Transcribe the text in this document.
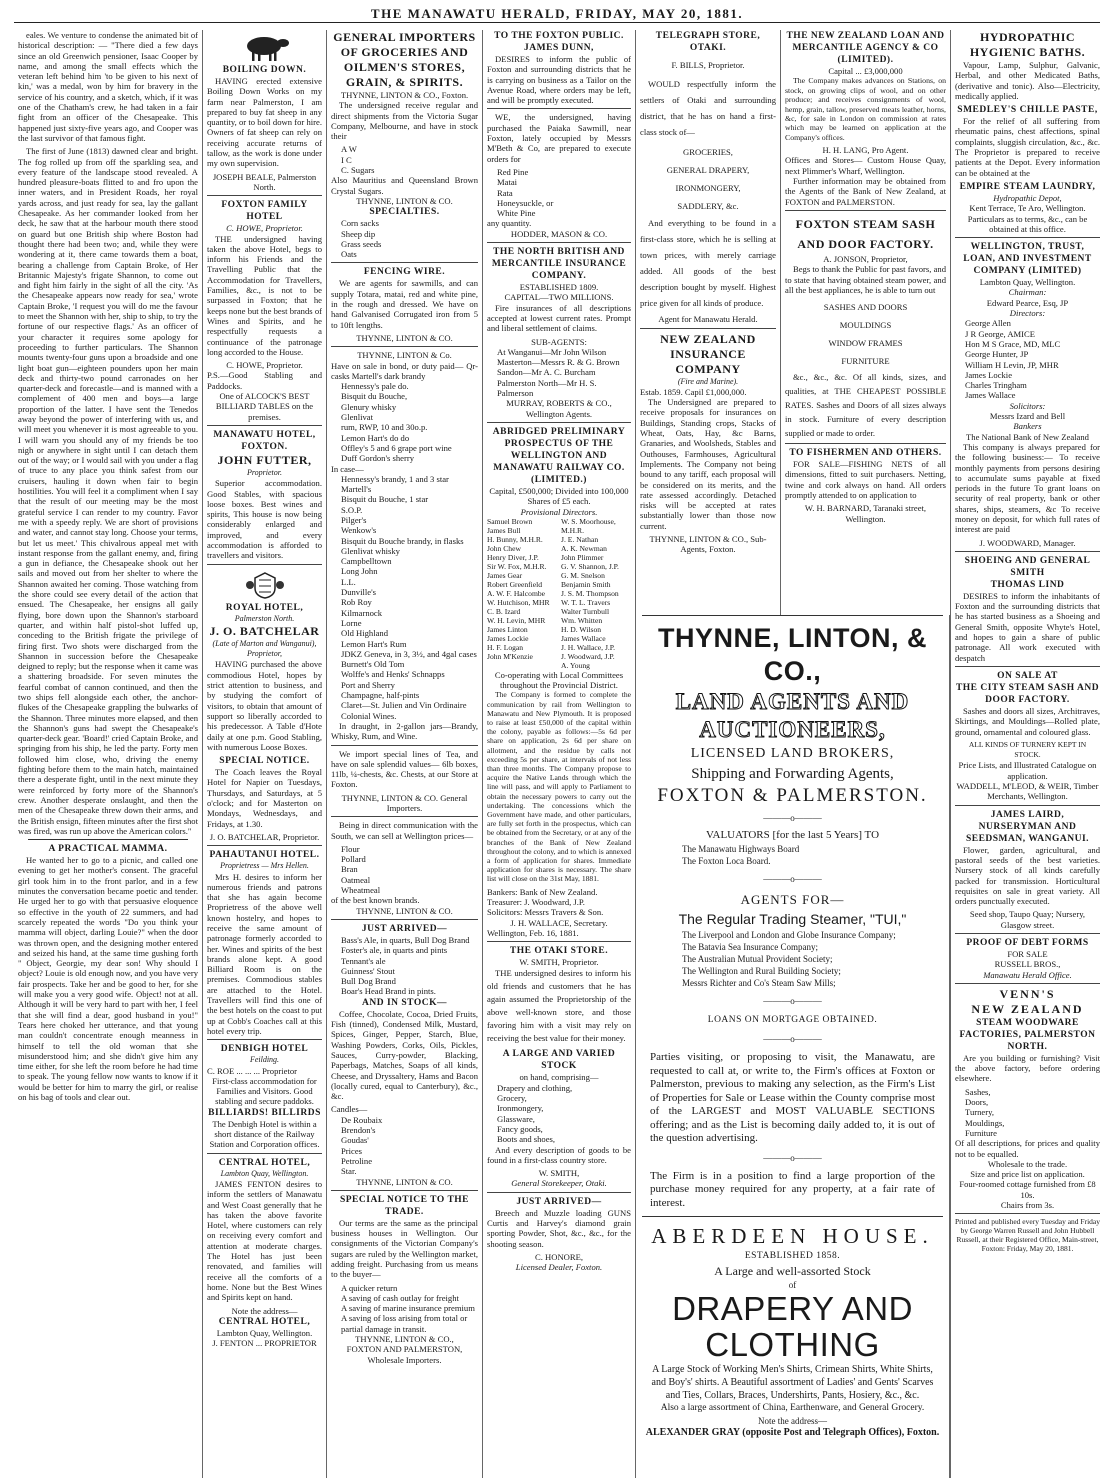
THE MANAWATU HERALD, FRIDAY, MAY 20, 1881.

eales. We venture to condense the animated bit of historical description: — "There died a few days since an old Greenwich pensioner, Isaac Cooper by name, and among the small effects which the veteran left behind him 'to be given to his next of kin,' was a medal, won by him for bravery in the service of his country, and a sketch, which, if it was one of the Chatham's crew, he had taken in a fair fight from an officer of the Chesapeake. This happened just sixty-five years ago, and Cooper was the last survivor of that famous fight.

The first of June (1813) dawned clear and bright. The fog rolled up from off the sparkling sea, and every feature of the landscape stood revealed. A hundred pleasure-boats flitted to and fro upon the inner waters, and in President Roads, her royal yards across, and just ready for sea, lay the gallant Chesapeake. As her commander looked from her deck, he saw that at the harbour mouth there stood on guard but one British ship where Boston had thought there had been two; and, while they were wondering at it, there came towards them a boat, bearing a challenge from Captain Broke, of Her Britannic Majesty's frigate Shannon, to come out and fight him fairly in the sight of all the city. 'As the Chesapeake appears now ready for sea,' wrote Captain Broke, 'I request you will do me the favour to meet the Shannon with her, ship to ship, to try the fortune of our respective flags.' As an officer of your character it requires some apology for proceeding to further particulars. The Shannon mounts twenty-four guns upon a broadside and one light boat gun—eighteen pounders upon her main deck and thirty-two pound carronades on her quarter-deck and forecastle—and is manned with a complement of 400 men and boys—a large proportion of the latter. I have sent the Tenedos away beyond the power of interfering with us, and will meet you whenever it is most agreeable to you. I will warn you should any of my friends be too nigh or anywhere in sight until I can detach them out of the way; or I would sail with you under a flag of truce to any place you think safest from our cruisers, hauling it down when fair to begin hostilities. You will feel it a compliment when I say that the result of our meeting may be the most grateful service I can render to my country. Favor me with a speedy reply. We are short of provisions and water, and cannot stay long. Choose your terms, but let us meet.' This chivalrous appeal met with instant response from the gallant enemy, and, firing a gun in defiance, the Chesapeake shook out her sails and moved out from her shelter to where the Shannon awaited her coming. Those watching from the shore could see every detail of the action that ensued. The Chesapeake, her ensigns all gaily flying, bore down upon the Shannon's starboard quarter, and within half pistol-shot luffed up, conceding to the British frigate the privilege of firing first. Two shots were discharged from the Shannon in succession before the Chesapeake deigned to reply; but the response when it came was a shattering broadside. For seven minutes the fearful combat of cannon continued, and then the two ships fell alongside each other, the anchor-flukes of the Chesapeake grappling the bulwarks of the Shannon. Three minutes more elapsed, and then the Shannon's guns had swept the Chesapeake's quarter-deck gear. 'Board!' cried Captain Broke, and springing from his ship, he led the party. Forty men followed him close, who, driving the enemy fighting before them to the main hatch, maintained there a desperate fight, until in the next minute they were reinforced by forty more of the Shannon's crew. Another desperate onslaught, and then the men of the Chesapeake threw down their arms, and the British ensign, fifteen minutes after the first shot was fired, was run up above the American colors."

A PRACTICAL MAMMA.

He wanted her to go to a picnic, and called one evening to get her mother's consent. The graceful girl took him in to the front parlor, and in a few minutes the conversation became poetic and tender. He urged her to go with that persuasive eloquence so effective in the youth of 22 summers, and had scarcely repeated the words "Do you think your mamma will object, darling Louie?" when the door was thrown open, and the designing mother entered and seized his hand, at the same time gushing forth " Object, Georgie, my dear son! Why should I object? Louie is old enough now, and you have very fair prospects. Take her and be good to her, for she will make you a very good wife. Object! not at all. Although it will be very hard to part with her, I feel that she will find a dear, good husband in you!" Tears here choked her utterance, and that young man couldn't concentrate enough meanness in himself to tell the old woman that she misunderstood him; and she didn't give him any time either, for she left the room before he had time to speak. The young fellow now wants to know if it would be better for him to marry the girl, or realise on his bag of tools and clear out.

BOILING DOWN.

HAVING erected extensive Boiling Down Works on my farm near Palmerston, I am prepared to buy fat sheep in any quantity, or to boil down for hire. Owners of fat sheep can rely on receiving accurate returns of tallow, as the work is done under my own supervision.

JOSEPH BEALE, Palmerston North.
FOXTON FAMILY HOTEL
C. HOWE, Proprietor.

THE undersigned having taken the above Hotel, begs to inform his Friends and the Travelling Public that the Accommodation for Travellers, Families, &c., is not to be surpassed in Foxton; that he keeps none but the best brands of Wines and Spirits, and he respectfully requests a continuance of the patronage long accorded to the House.

C. HOWE, Proprietor.
P.S.—Good Stabling and Paddocks.
One of ALCOCK'S BEST BILLIARD TABLES on the premises.
MANAWATU HOTEL, FOXTON.
JOHN FUTTER,
Proprietor.

Superior accommodation. Good Stables, with spacious loose boxes. Best wines and spirits, This house is now being considerably enlarged and improved, and every accommodation is afforded to travellers and visitors.

ROYAL HOTEL,
Palmerston North.
J. O. BATCHELAR
(Late of Marton and Wanganui),
Proprietor,

HAVING purchased the above commodious Hotel, hopes by strict attention to business, and by studying the comfort of visitors, to obtain that amount of support so liberally accorded to his predecessor. A Table d'Hote daily at one p.m. Good Stabling, with numerous Loose Boxes.

SPECIAL NOTICE.

The Coach leaves the Royal Hotel for Napier on Tuesdays, Thursdays, and Saturdays, at 5 o'clock; and for Masterton on Mondays, Wednesdays, and Fridays, at 1.30.

J. O. BATCHELAR, Proprietor.
PAHAUTANUI HOTEL.
Proprietress — Mrs Hellen.

Mrs H. desires to inform her numerous friends and patrons that she has again become Proprietress of the above well known hostelry, and hopes to receive the same amount of patronage formerly accorded to her. Wines and spirits of the best brands alone kept. A good Billiard Room is on the premises. Commodious stables are attached to the Hotel. Travellers will find this one of the best hotels on the coast to put up at Cobb's Coaches call at this hotel every trip.

DENBIGH HOTEL
Feilding.
C. ROE ... ... ... Proprietor
First-class accommodation for Families and Visitors. Good stabling and secure paddoks.
BILLIARDS! BILLIRDS
The Denbigh Hotel is within a short distance of the Railway Station and Corporation offices.
CENTRAL HOTEL,
Lambton Quay, Wellington.

JAMES FENTON desires to inform the settlers of Manawatu and West Coast generally that he has taken the above favorite Hotel, where customers can rely on receiving every comfort and attention at moderate charges. The Hotel has just been renovated, and families will receive all the comforts of a home. None but the Best Wines and Spirits kept on hand.

Note the address—
CENTRAL HOTEL,
Lambton Quay, Wellington.
J. FENTON ... PROPRIETOR
GENERAL IMPORTERS OF GROCERIES AND OILMEN'S STORES, GRAIN, & SPIRITS.
THYNNE, LINTON & CO., Foxton.

The undersigned receive regular and direct shipments from the Victoria Sugar Company, Melbourne, and have in stock their

A W
I C
C. Sugars
Also Mauritius and Queensland Brown Crystal Sugars.
THYNNE, LINTON & CO.
SPECIALTIES.
Corn sacks
Sheep dip
Grass seeds
Oats
FENCING WIRE.

We are agents for sawmills, and can supply Totara, matai, red and white pine, in the rough and dressed. We have on hand Galvanised Corrugated iron from 5 to 10ft lengths.

THYNNE, LINTON & CO.
THYNNE, LINTON & Co.
Have on sale in bond, or duty paid— Qr-casks Martell's dark brandy
Hennessy's pale do.
Bisquit du Bouche,
Glenury whisky
Glenlivat
rum, RWP, 10 and 30o.p.
Lemon Hart's do do
Offley's 5 and 6 grape port wine
Duff Gordon's sherry
In case—
Hennessy's brandy, 1 and 3 star
Martell's
Bisquit du Bouche, 1 star
S.O.P.
Pilger's
Wenkow's
Bisquit du Bouche brandy, in flasks
Glenlivat whisky
Campbelltown
Long John
L.L.
Dunville's
Rob Roy
Kilmarnock
Lorne
Old Highland
Lemon Hart's Rum
JDKZ Geneva, in 3, 3½, and 4gal cases
Burnett's Old Tom
Wolffe's and Henks' Schnapps
Port and Sherry
Champagne, half-pints
Claret—St. Julien and Vin Ordinaire
Colonial Wines.

In draught, in 2-gallon jars—Brandy, Whisky, Rum, and Wine.

We import special lines of Tea, and have on sale splendid values— 6lb boxes, 11lb, ¼-chests, &c. Chests, at our Store at Foxton.

THYNNE, LINTON & CO. General Importers.

Being in direct communication with the South, we can sell at Wellington prices—

Flour
Pollard
Bran
Oatmeal
Wheatmeal
of the best known brands.
THYNNE, LINTON & CO.
JUST ARRIVED—
Bass's Ale, in quarts, Bull Dog Brand
Foster's ale, in quarts and pints
Tennant's ale
Guinness' Stout
Bull Dog Brand
Boar's Head Brand in pints.
AND IN STOCK—

Coffee, Chocolate, Cocoa, Dried Fruits, Fish (tinned), Condensed Milk, Mustard, Spices, Ginger, Pepper, Starch, Blue, Washing Powders, Corks, Oils, Pickles, Sauces, Curry-powder, Blacking, Paperbags, Matches, Soaps of all kinds, Cheese, and Dryssaltery, Hams and Bacon (locally cured, equal to Canterbury), &c., &c.

Candles—
De Roubaix
Brendon's
Goudas'
Prices
Petroline
Star.
THYNNE, LINTON & CO.
SPECIAL NOTICE TO THE TRADE.

Our terms are the same as the principal business houses in Wellington. Our consignments of the Victorian Company's sugars are ruled by the Wellington market, adding freight. Purchasing from us means to the buyer—

A quicker return
A saving of cash outlay for freight
A saving of marine insurance premium
A saving of loss arising from total or partial damage in transit.
THYNNE, LINTON & CO.,
FOXTON AND PALMERSTON,
Wholesale Importers.
TO THE FOXTON PUBLIC.
JAMES DUNN,

DESIRES to inform the public of Foxton and surrounding districts that he is carrying on business as a Tailor on the Avenue Road, where orders may be left, and will be promptly executed.

WE, the undersigned, having purchased the Paiaka Sawmill, near Foxton, lately occupied by Messrs M'Beth & Co, are prepared to execute orders for

Red Pine
Matai
Rata
Honeysuckle, or
White Pine
any quantity.
HODDER, MASON & CO.
THE NORTH BRITISH AND MERCANTILE INSURANCE COMPANY.
ESTABLISHED 1809.
CAPITAL—TWO MILLIONS.

Fire insurances of all descriptions accepted at lowest current rates. Prompt and liberal settlement of claims.

SUB-AGENTS:
At Wanganui—Mr John Wilson
Masterton—Messrs R. & G. Brown
Sandon—Mr A. C. Burcham
Palmerston North—Mr H. S. Palmerson
MURRAY, ROBERTS & CO., Wellington Agents.
ABRIDGED PRELIMINARY PROSPECTUS OF THE WELLINGTON AND MANAWATU RAILWAY CO. (LIMITED.)
Capital, £500,000; Divided into 100,000 Shares of £5 each.
Provisional Directors.
Samuel Brown
James Bull
H. Bunny, M.H.R.
John Chew
Henry Diver, J.P.
Sir W. Fox, M.H.R.
James Gear
Robert Greenfield
A. W. F. Halcombe
W. Hutchison, MHR
C. B. Izard
W. H. Levin, MHR
James Linton
James Lockie
H. F. Logan
John M'Kenzie
W. S. Moorhouse, M.H.R.
J. E. Nathan
A. K. Newman
John Plimmer
G. V. Shannon, J.P.
G. M. Snelson
Benjamin Smith
J. S. M. Thompson
W. T. L. Travers
Walter Turnbull
Wm. Whitten
H. D. Wilson
James Wallace
J. H. Wallace, J.P.
J. Woodward, J.P.
A. Young
Co-operating with Local Committees throughout the Provincial District.

The Company is formed to complete the communication by rail from Wellington to Manawatu and New Plymouth. It is proposed to raise at least £50,000 of the capital within the colony, payable as follows:—5s 6d per share on application, 2s 6d per share on allotment, and the residue by calls not exceeding 5s per share, at intervals of not less than three months. The Company propose to acquire the Native Lands through which the line will pass, and will apply to Parliament to obtain the necessary powers to carry out the undertaking. The concessions which the Government have made, and other particulars, are fully set forth in the prospectus, which can be obtained from the Secretary, or at any of the branches of the Bank of New Zealand throughout the colony, and to which is annexed a form of application for shares. Immediate application for shares is necessary. The share list will close on the 31st May, 1881.

Bankers: Bank of New Zealand.
Treasurer: J. Woodward, J.P.
Solicitors: Messrs Travers & Son.
J. H. WALLACE, Secretary.
Wellington, Feb. 16, 1881.
THE OTAKI STORE.
W. SMITH, Proprietor.

THE undersigned desires to inform his old friends and customers that he has again assumed the Proprietorship of the above well-known store, and those favoring him with a visit may rely on receiving the best value for their money.

A LARGE AND VARIED STOCK
on hand, comprising—
Drapery and clothing,
Grocery,
Ironmongery,
Glassware,
Fancy goods,
Boots and shoes,

And every description of goods to be found in a first-class country store.

W. SMITH,
General Storekeeper, Otaki.
JUST ARRIVED—

Breech and Muzzle loading GUNS Curtis and Harvey's diamond grain sporting Powder, Shot, &c., &c., for the shooting season.

C. HONORE,
Licensed Dealer, Foxton.
TELEGRAPH STORE,
OTAKI.
F. BILLS, Proprietor.

WOULD respectfully inform the settlers of Otaki and surrounding district, that he has on hand a first-class stock of—

GROCERIES,
GENERAL DRAPERY,
IRONMONGERY,
SADDLERY, &c.

And everything to be found in a first-class store, which he is selling at town prices, with merely carriage added. All goods of the best description bought by myself. Highest price given for all kinds of produce.

Agent for Manawatu Herald.
NEW ZEALAND INSURANCE COMPANY
(Fire and Marine).
Estab. 1859. Capil £1,000,000.

The Undersigned are prepared to receive proposals for insurances on Buildings, Standing crops, Stacks of Wheat, Oats, Hay, &c Barns, Granaries, and Woolsheds, Stables and Outhouses, Farmhouses, Agricultural Implements. The Company not being bound to any tariff, each proposal will be considered on its merits, and the rate assessed accordingly. Detached risks will be accepted at rates substantially lower than those now current.

THYNNE, LINTON & CO., Sub-Agents, Foxton.
THE NEW ZEALAND LOAN AND MERCANTILE AGENCY & CO (LIMITED).
Capital ... £3,000,000

The Company makes advances on Stations, on stock, on growing clips of wool, and on other produce; and receives consignments of wool, hemp, grain, tallow, preserved meats leather, horns, &c, for sale in London on commission at rates which may be learned on application at the Company's offices.

H. H. LANG, Pro Agent.
Offices and Stores— Custom House Quay, next Plimmer's Wharf, Wellington.

Further information may be obtained from the Agents of the Bank of New Zealand, at FOXTON and PALMERSTON.

FOXTON STEAM SASH AND DOOR FACTORY.
A. JONSON, Proprietor,

Begs to thank the Public for past favors, and to state that having obtained steam power, and all the best appliances, he is able to turn out

SASHES AND DOORS
MOULDINGS
WINDOW FRAMES
FURNITURE

&c., &c., &c. Of all kinds, sizes, and qualities, at THE CHEAPEST POSSIBLE RATES. Sashes and Doors of all sizes always in stock. Furniture of every description supplied or made to order.

TO FISHERMEN AND OTHERS.

FOR SALE—FISHING NETS of all dimensions, fitted to suit purchasers. Netting, twine and cork always on hand. All orders promptly attended to on application to

W. H. BARNARD, Taranaki street, Wellington.
HYDROPATHIC HYGIENIC BATHS.

Vapour, Lamp, Sulphur, Galvanic, Herbal, and other Medicated Baths, (derivative and tonic). Also—Electricity, medically applied.

SMEDLEY'S CHILLE PASTE,

For the relief of all suffering from rheumatic pains, chest affections, spinal complaints, sluggish circulation, &c., &c. The Proprietor is prepared to receive patients at the Depot. Every information can be obtained at the

EMPIRE STEAM LAUNDRY,
Hydropathic Depot,
Kent Terrace, Te Aro, Wellington.
Particulars as to terms, &c., can be obtained at this office.
WELLINGTON, TRUST, LOAN, AND INVESTMENT COMPANY (LIMITED)
Lambton Quay, Wellington.
Chairman:
Edward Pearce, Esq, JP
Directors:
George Allen
J R George, AMICE
Hon M S Grace, MD, MLC
George Hunter, JP
William H Levin, JP, MHR
James Lockie
Charles Tringham
James Wallace
Solicitors:
Messrs Izard and Bell
Bankers
The National Bank of New Zealand

This company is always prepared for the following business:— To receive monthly payments from persons desiring to accumulate sums payable at fixed periods in the future To grant loans on security of real property, bank or other shares, ships, steamers, &c To receive money on deposit, for which full rates of interest are paid

J. WOODWARD, Manager.
SHOEING AND GENERAL SMITH
THOMAS LIND

DESIRES to inform the inhabitants of Foxton and the surrounding districts that he has started business as a Shoeing and General Smith, opposite Whyte's Hotel, and hopes to gain a share of public patronage. All work executed with despatch

ON SALE AT
THE CITY STEAM SASH AND DOOR FACTORY.

Sashes and doors all sizes, Architraves, Skirtings, and Mouldings—Rolled plate, ground, ornamental and coloured glass.

ALL KINDS OF TURNERY KEPT IN STOCK.
Price Lists, and Illustrated Catalogue on application.
WADDELL, M'LEOD, & WEIR, Timber Merchants, Wellington.
JAMES LAIRD,
NURSERYMAN AND SEEDSMAN, WANGANUI.

Flower, garden, agricultural, and pastoral seeds of the best varieties. Nursery stock of all kinds carefully packed for transmission. Horticultural requisites on sale in great variety. All orders punctually executed.

Seed shop, Taupo Quay; Nursery, Glasgow street.
PROOF OF DEBT FORMS
FOR SALE
RUSSELL BROS.,
Manawatu Herald Office.
VENN'S
NEW ZEALAND
STEAM WOODWARE FACTORIES, PALMERSTON NORTH.

Are you building or furnishing? Visit the above factory, before ordering elsewhere.

Sashes,
Doors,
Turnery,
Mouldings,
Furniture
Of all descriptions, for prices and quality not to be equalled.
Wholesale to the trade.
Size and price list on application.
Four-roomed cottage furnished from £8 10s.
Chairs from 3s.
Printed and published every Tuesday and Friday by George Warren Russell and John Hubbell Russell, at their Registered Office, Main-street, Foxton: Friday, May 20, 1881.
THYNNE, LINTON, & CO.,
LAND AGENTS AND AUCTIONEERS,
LICENSED LAND BROKERS,
Shipping and Forwarding Agents,
FOXTON & PALMERSTON.
———o———
VALUATORS [for the last 5 Years] TO
The Manawatu Highways Board
The Foxton Loca Board.
———o———
AGENTS FOR—
The Regular Trading Steamer, "TUI,"
The Liverpool and London and Globe Insurance Company;
The Batavia Sea Insurance Company;
The Australian Mutual Provident Society;
The Wellington and Rural Building Society;
Messrs Richter and Co's Steam Saw Mills;
———o———
LOANS ON MORTGAGE OBTAINED.
———o———
Parties visiting, or proposing to visit, the Manawatu, are requested to call at, or write to, the Firm's offices at Foxton or Palmerston, previous to making any selection, as the Firm's List of Properties for Sale or Lease within the County comprise most of the LARGEST and MOST VALUABLE SECTIONS offering; and as the List is becoming daily added to, it is out of the question advertising.
———o———
The Firm is in a position to find a large proportion of the purchase money required for any property, at a fair rate of interest.
ABERDEEN HOUSE.
ESTABLISHED 1858.
A Large and well-assorted Stock
of
DRAPERY AND CLOTHING
A Large Stock of Working Men's Shirts, Crimean Shirts, White Shirts, and Boy's' shirts. A Beautiful assortment of Ladies' and Gents' Scarves and Ties, Collars, Braces, Undershirts, Pants, Hosiery, &c., &c.
Also a large assortment of China, Earthenware, and General Grocery.
Note the address—
ALEXANDER GRAY (opposite Post and Telegraph Offices), Foxton.
